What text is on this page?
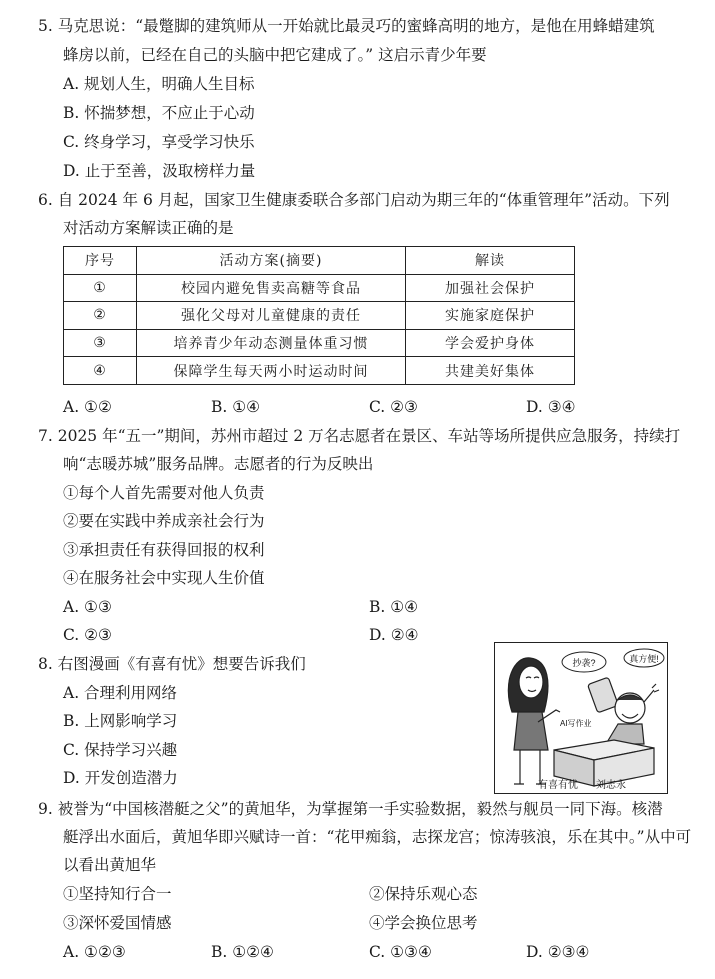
5. 马克思说：“最蹩脚的建筑师从一开始就比最灵巧的蜜蜂高明的地方，是他在用蜂蜡建筑
蜂房以前，已经在自己的头脑中把它建成了。” 这启示青少年要
A. 规划人生，明确人生目标
B. 怀揣梦想，不应止于心动
C. 终身学习，享受学习快乐
D. 止于至善，汲取榜样力量
6. 自 2024 年 6 月起，国家卫生健康委联合多部门启动为期三年的“体重管理年”活动。下列
对活动方案解读正确的是
序号	活动方案(摘要)	解读
①	校园内避免售卖高糖等食品	加强社会保护
②	强化父母对儿童健康的责任	实施家庭保护
③	培养青少年动态测量体重习惯	学会爱护身体
④	保障学生每天两小时运动时间	共建美好集体
A. ①②	B. ①④	C. ②③	D. ③④
7. 2025 年“五一”期间，苏州市超过 2 万名志愿者在景区、车站等场所提供应急服务，持续打
响“志暖苏城”服务品牌。志愿者的行为反映出
①每个人首先需要对他人负责
②要在实践中养成亲社会行为
③承担责任有获得回报的权利
④在服务社会中实现人生价值
A. ①③	B. ①④
C. ②③	D. ②④
8. 右图漫画《有喜有忧》想要告诉我们
A. 合理利用网络
B. 上网影响学习
C. 保持学习兴趣
D. 开发创造潜力
抄袭?	真方便!
AI写作业
有喜有忧 刘志永
9. 被誉为“中国核潜艇之父”的黄旭华，为掌握第一手实验数据，毅然与舰员一同下海。核潜
艇浮出水面后，黄旭华即兴赋诗一首：“花甲痴翁，志探龙宫；惊涛骇浪，乐在其中。”从中可
以看出黄旭华
①坚持知行合一	②保持乐观心态
③深怀爱国情感	④学会换位思考
A. ①②③	B. ①②④	C. ①③④	D. ②③④
